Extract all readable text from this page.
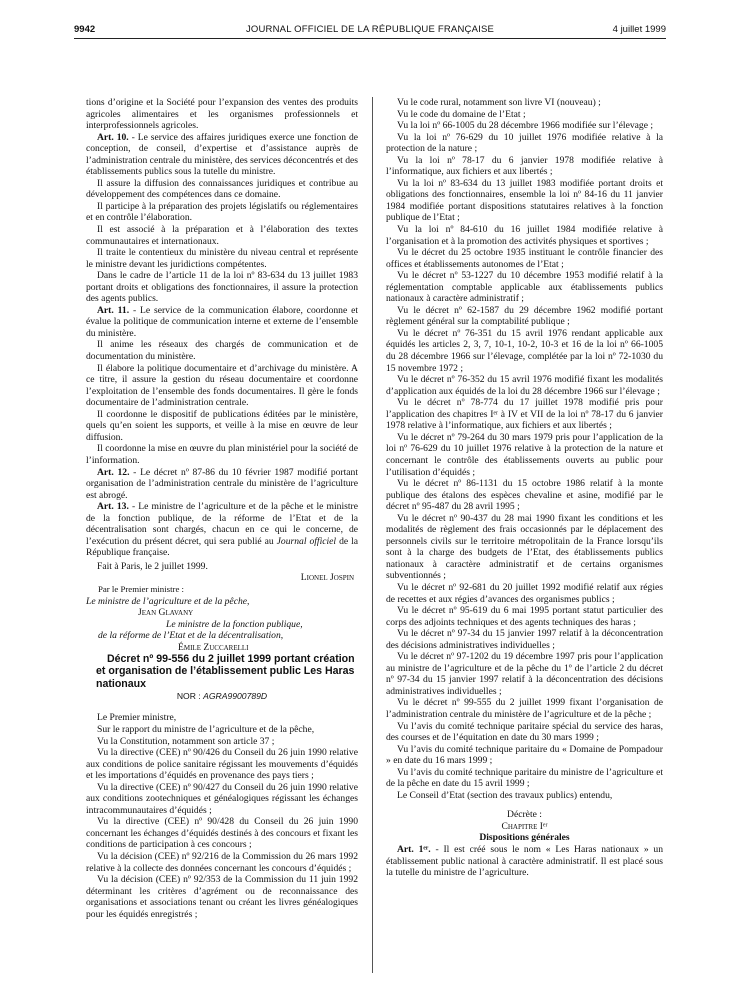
9942	JOURNAL OFFICIEL DE LA RÉPUBLIQUE FRANÇAISE	4 juillet 1999

tions d’origine et la Société pour l’expansion des ventes des produits agricoles alimentaires et les organismes professionnels et interprofessionnels agricoles.

Art. 10. - Le service des affaires juridiques exerce une fonction de conception, de conseil, d’expertise et d’assistance auprès de l’administration centrale du ministère, des services déconcentrés et des établissements publics sous la tutelle du ministre.

Il assure la diffusion des connaissances juridiques et contribue au développement des compétences dans ce domaine.

Il participe à la préparation des projets législatifs ou réglementaires et en contrôle l’élaboration.

Il est associé à la préparation et à l’élaboration des textes communautaires et internationaux.

Il traite le contentieux du ministère du niveau central et représente le ministre devant les juridictions compétentes.

Dans le cadre de l’article 11 de la loi nº 83-634 du 13 juillet 1983 portant droits et obligations des fonctionnaires, il assure la protection des agents publics.

Art. 11. - Le service de la communication élabore, coordonne et évalue la politique de communication interne et externe de l’ensemble du ministère.

Il anime les réseaux des chargés de communication et de documentation du ministère.

Il élabore la politique documentaire et d’archivage du ministère. A ce titre, il assure la gestion du réseau documentaire et coordonne l’exploitation de l’ensemble des fonds documentaires. Il gère le fonds documentaire de l’administration centrale.

Il coordonne le dispositif de publications éditées par le ministère, quels qu’en soient les supports, et veille à la mise en œuvre de leur diffusion.

Il coordonne la mise en œuvre du plan ministériel pour la société de l’information.

Art. 12. - Le décret nº 87-86 du 10 février 1987 modifié portant organisation de l’administration centrale du ministère de l’agriculture est abrogé.

Art. 13. - Le ministre de l’agriculture et de la pêche et le ministre de la fonction publique, de la réforme de l’Etat et de la décentralisation sont chargés, chacun en ce qui le concerne, de l’exécution du présent décret, qui sera publié au Journal officiel de la République française.

Fait à Paris, le 2 juillet 1999.

Lionel Jospin

Par le Premier ministre :

Le ministre de l’agriculture et de la pêche,

Jean Glavany

Le ministre de la fonction publique,

de la réforme de l’Etat et de la décentralisation,

Émile Zuccarelli

Décret nº 99-556 du 2 juillet 1999 portant création et organisation de l’établissement public Les Haras nationaux

NOR : AGRA9900789D

Le Premier ministre,

Sur le rapport du ministre de l’agriculture et de la pêche,

Vu la Constitution, notamment son article 37 ;

Vu la directive (CEE) nº 90/426 du Conseil du 26 juin 1990 relative aux conditions de police sanitaire régissant les mouvements d’équidés et les importations d’équidés en provenance des pays tiers ;

Vu la directive (CEE) nº 90/427 du Conseil du 26 juin 1990 relative aux conditions zootechniques et généalogiques régissant les échanges intracommunautaires d’équidés ;

Vu la directive (CEE) nº 90/428 du Conseil du 26 juin 1990 concernant les échanges d’équidés destinés à des concours et fixant les conditions de participation à ces concours ;

Vu la décision (CEE) nº 92/216 de la Commission du 26 mars 1992 relative à la collecte des données concernant les concours d’équidés ;

Vu la décision (CEE) nº 92/353 de la Commission du 11 juin 1992 déterminant les critères d’agrément ou de reconnaissance des organisations et associations tenant ou créant les livres généalogiques pour les équidés enregistrés ;

Vu le code rural, notamment son livre VI (nouveau) ;

Vu le code du domaine de l’Etat ;

Vu la loi nº 66-1005 du 28 décembre 1966 modifiée sur l’élevage ;

Vu la loi nº 76-629 du 10 juillet 1976 modifiée relative à la protection de la nature ;

Vu la loi nº 78-17 du 6 janvier 1978 modifiée relative à l’informatique, aux fichiers et aux libertés ;

Vu la loi nº 83-634 du 13 juillet 1983 modifiée portant droits et obligations des fonctionnaires, ensemble la loi nº 84-16 du 11 janvier 1984 modifiée portant dispositions statutaires relatives à la fonction publique de l’Etat ;

Vu la loi nº 84-610 du 16 juillet 1984 modifiée relative à l’organisation et à la promotion des activités physiques et sportives ;

Vu le décret du 25 octobre 1935 instituant le contrôle financier des offices et établissements autonomes de l’Etat ;

Vu le décret nº 53-1227 du 10 décembre 1953 modifié relatif à la réglementation comptable applicable aux établissements publics nationaux à caractère administratif ;

Vu le décret nº 62-1587 du 29 décembre 1962 modifié portant règlement général sur la comptabilité publique ;

Vu le décret nº 76-351 du 15 avril 1976 rendant applicable aux équidés les articles 2, 3, 7, 10-1, 10-2, 10-3 et 16 de la loi nº 66-1005 du 28 décembre 1966 sur l’élevage, complétée par la loi nº 72-1030 du 15 novembre 1972 ;

Vu le décret nº 76-352 du 15 avril 1976 modifié fixant les modalités d’application aux équidés de la loi du 28 décembre 1966 sur l’élevage ;

Vu le décret nº 78-774 du 17 juillet 1978 modifié pris pour l’application des chapitres Iᵉʳ à IV et VII de la loi nº 78-17 du 6 janvier 1978 relative à l’informatique, aux fichiers et aux libertés ;

Vu le décret nº 79-264 du 30 mars 1979 pris pour l’application de la loi nº 76-629 du 10 juillet 1976 relative à la protection de la nature et concernant le contrôle des établissements ouverts au public pour l’utilisation d’équidés ;

Vu le décret nº 86-1131 du 15 octobre 1986 relatif à la monte publique des étalons des espèces chevaline et asine, modifié par le décret nº 95-487 du 28 avril 1995 ;

Vu le décret nº 90-437 du 28 mai 1990 fixant les conditions et les modalités de règlement des frais occasionnés par le déplacement des personnels civils sur le territoire métropolitain de la France lorsqu’ils sont à la charge des budgets de l’Etat, des établissements publics nationaux à caractère administratif et de certains organismes subventionnés ;

Vu le décret nº 92-681 du 20 juillet 1992 modifié relatif aux régies de recettes et aux régies d’avances des organismes publics ;

Vu le décret nº 95-619 du 6 mai 1995 portant statut particulier des corps des adjoints techniques et des agents techniques des haras ;

Vu le décret nº 97-34 du 15 janvier 1997 relatif à la déconcentration des décisions administratives individuelles ;

Vu le décret nº 97-1202 du 19 décembre 1997 pris pour l’application au ministre de l’agriculture et de la pêche du 1º de l’article 2 du décret nº 97-34 du 15 janvier 1997 relatif à la déconcentration des décisions administratives individuelles ;

Vu le décret nº 99-555 du 2 juillet 1999 fixant l’organisation de l’administration centrale du ministère de l’agriculture et de la pêche ;

Vu l’avis du comité technique paritaire spécial du service des haras, des courses et de l’équitation en date du 30 mars 1999 ;

Vu l’avis du comité technique paritaire du « Domaine de Pompadour » en date du 16 mars 1999 ;

Vu l’avis du comité technique paritaire du ministre de l’agriculture et de la pêche en date du 15 avril 1999 ;

Le Conseil d’Etat (section des travaux publics) entendu,

Décrète :

Chapitre Iᵉʳ

Dispositions générales

Art. 1ᵉʳ. - Il est créé sous le nom « Les Haras nationaux » un établissement public national à caractère administratif. Il est placé sous la tutelle du ministre de l’agriculture.
